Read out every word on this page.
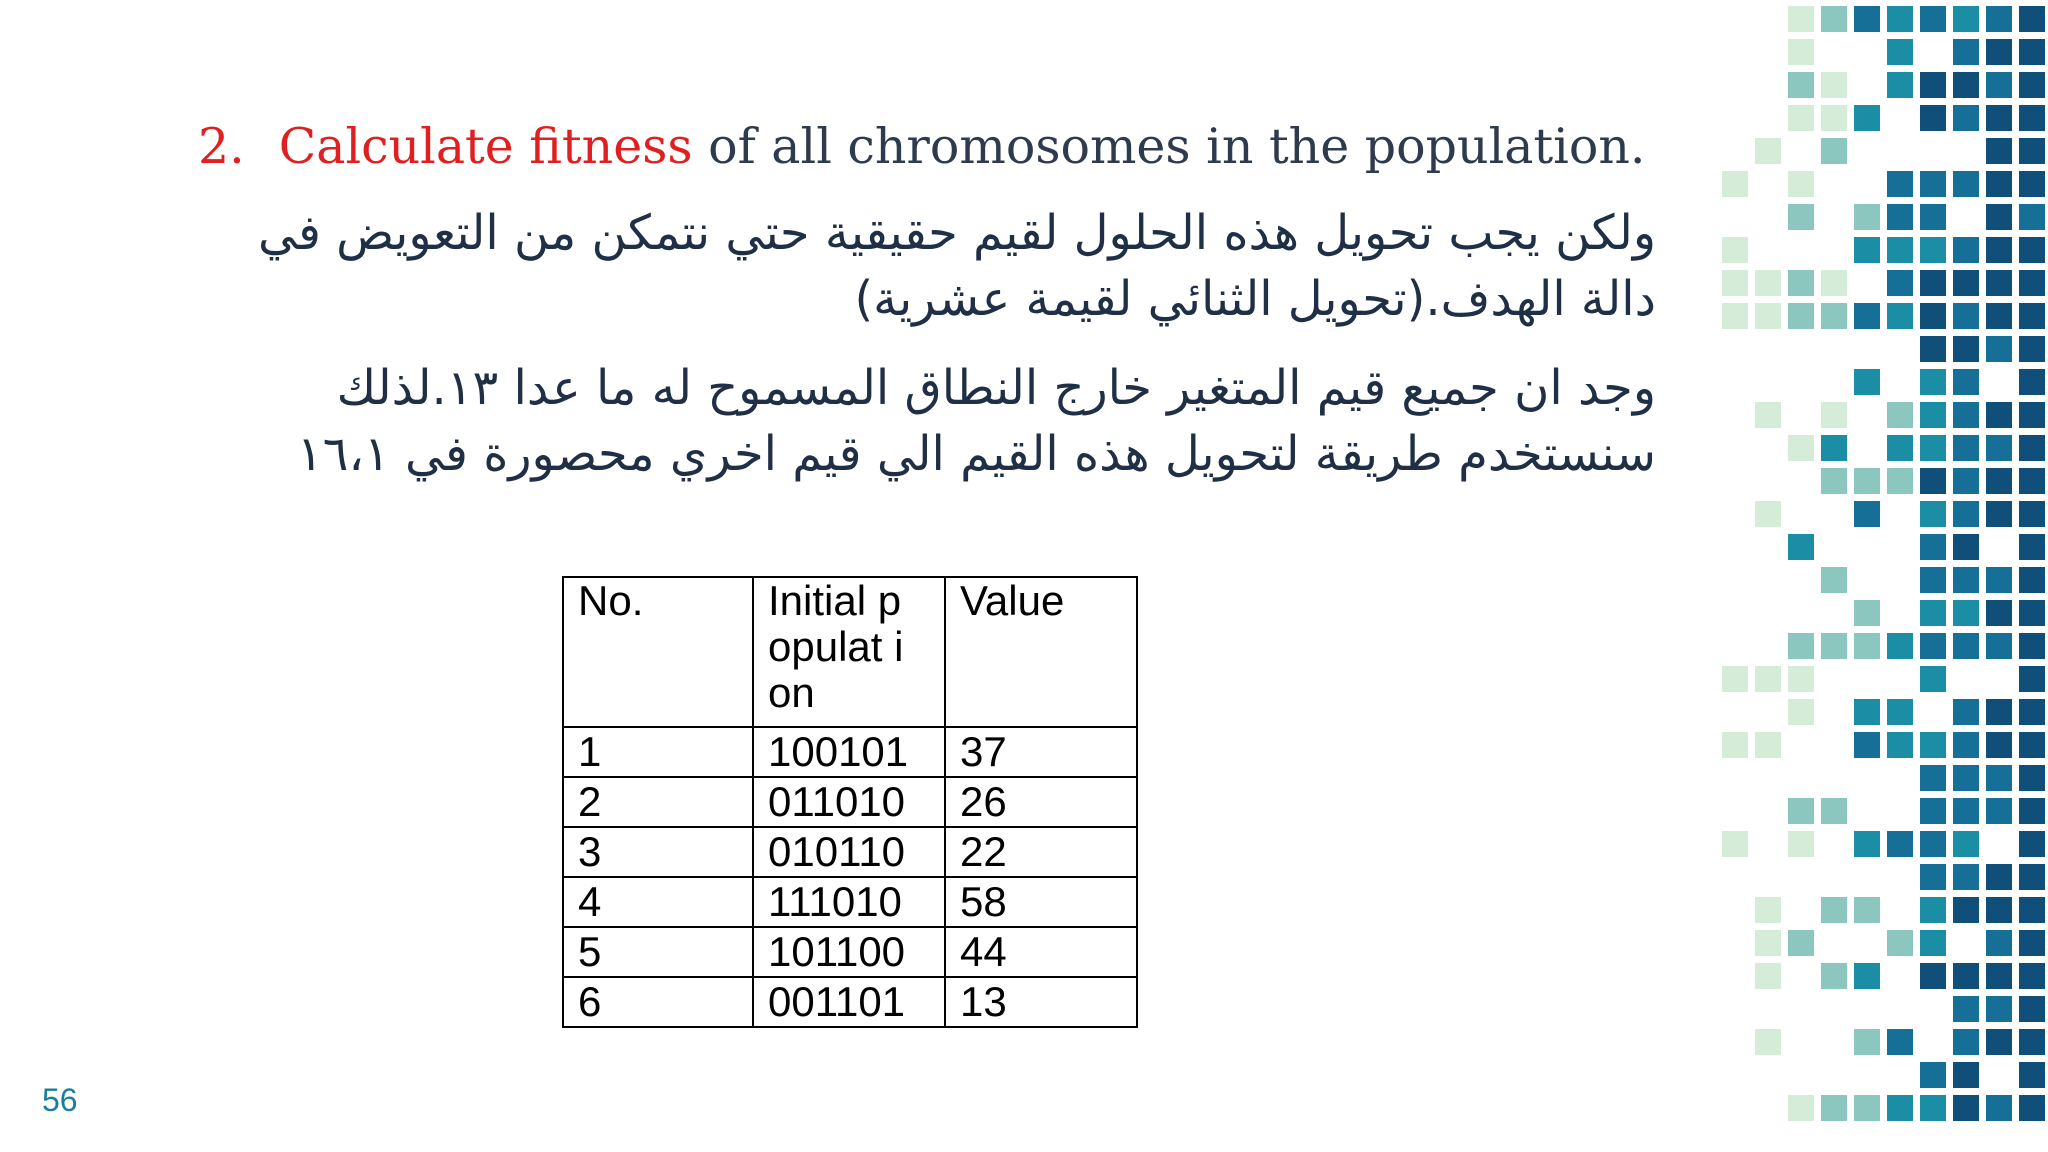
2. Calculate fitness of all chromosomes in the population.
ولكن يجب تحويل هذه الحلول لقيم حقيقية حتي نتمكن من التعويض في دالة الهدف.(تحويل الثنائي لقيمة عشرية)
وجد ان جميع قيم المتغير خارج النطاق المسموح له ما عدا ١٣.لذلك سنستخدم طريقة لتحويل هذه القيم الي قيم اخري محصورة في ١٦،١
No.	Initial populat ion	Value
1	100101	37
2	011010	26
3	010110	22
4	111010	58
5	101100	44
6	001101	13
56
